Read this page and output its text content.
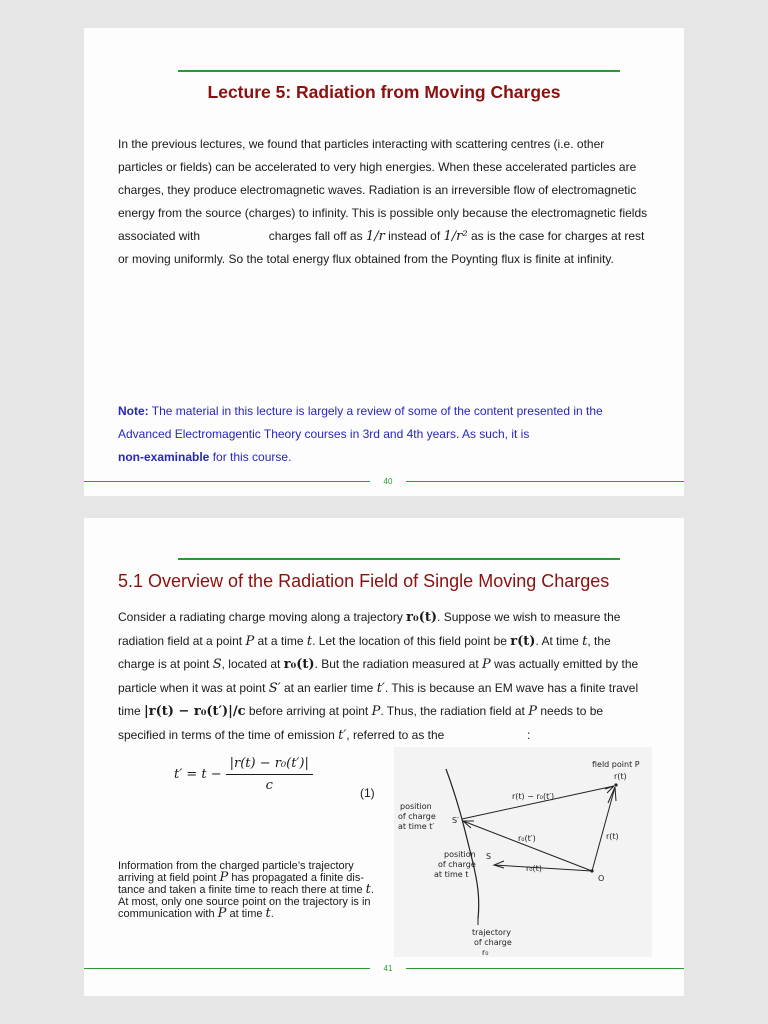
Lecture 5: Radiation from Moving Charges
In the previous lectures, we found that particles interacting with scattering centres (i.e. other particles or fields) can be accelerated to very high energies. When these accelerated particles are charges, they produce electromagnetic waves. Radiation is an irreversible flow of electromagnetic energy from the source (charges) to infinity. This is possible only because the electromagnetic fields associated with	charges fall off as 1/r instead of 1/r² as is the case for charges at rest or moving uniformly. So the total energy flux obtained from the Poynting flux is finite at infinity.
Note: The material in this lecture is largely a review of some of the content presented in the Advanced Electromagentic Theory courses in 3rd and 4th years. As such, it is
non-examinable for this course.
40
5.1 Overview of the Radiation Field of Single Moving Charges
Consider a radiating charge moving along a trajectory r₀(t). Suppose we wish to measure the radiation field at a point P at a time t. Let the location of this field point be r(t). At time t, the charge is at point S, located at r₀(t). But the radiation measured at P was actually emitted by the particle when it was at point S′ at an earlier time t′. This is because an EM wave has a finite travel time |r(t) − r₀(t′)|/c before arriving at point P. Thus, the radiation field at P needs to be specified in terms of the time of emission t′, referred to as the	:
$t' = t - \frac{\text{|r(t) − r₀(t′)|}}{c}$	(1)
Information from the charged particle’s trajectory arriving at field point P has propagated a finite dis- tance and taken a finite time to reach there at time t. At most, only one source point on the trajectory is in communication with P at time t.
field point P
r(t)
r(t) − r₀(t′)
r(t)
position
of charge
at time t′
S′
r₀(t′)
S
position
of charge
at time t
r₀(t)
O
trajectory
of charge
r₀
41
